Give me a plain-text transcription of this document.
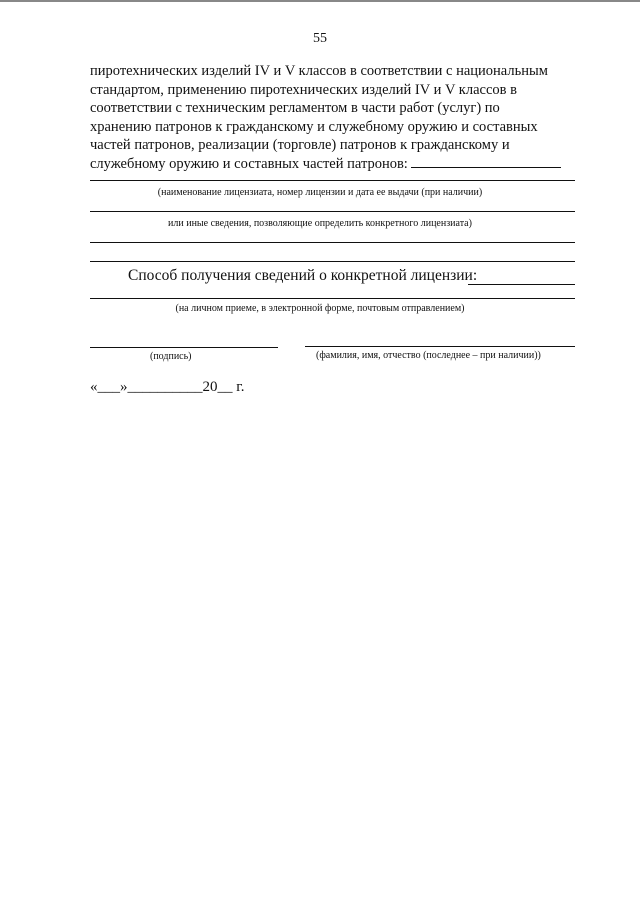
55
пиротехнических изделий IV и V классов в соответствии с национальным
стандартом, применению пиротехнических изделий IV и V классов в
соответствии с техническим регламентом в части работ (услуг) по
хранению патронов к гражданскому и служебному оружию и составных
частей патронов, реализации (торговле) патронов к гражданскому и
служебному оружию и составных частей патронов:
(наименование лицензиата, номер лицензии и дата ее выдачи (при наличии)
или иные сведения, позволяющие определить конкретного лицензиата)
Способ получения сведений о конкретной лицензии:
(на личном приеме, в электронной форме, почтовым отправлением)
(подпись)	(фамилия, имя, отчество (последнее – при наличии))
«___»__________20__ г.
